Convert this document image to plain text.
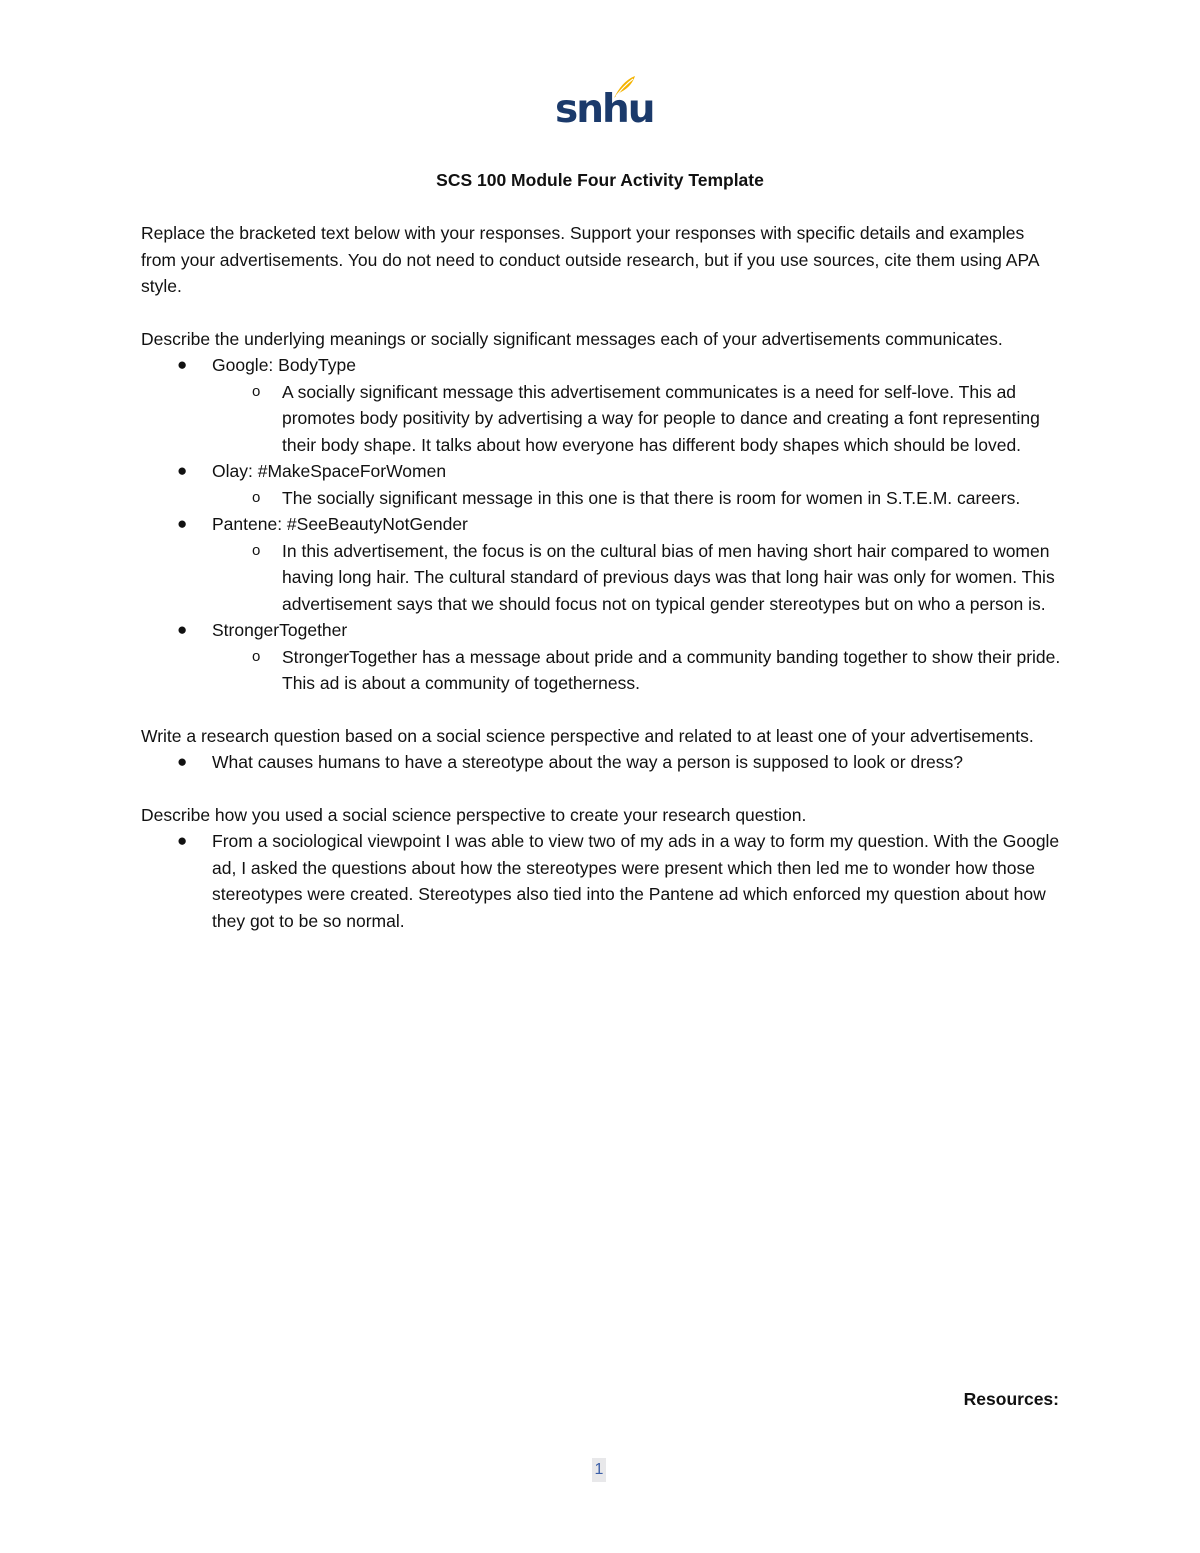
snhu
SCS 100 Module Four Activity Template

Replace the bracketed text below with your responses. Support your responses with specific details and examples from your advertisements. You do not need to conduct outside research, but if you use sources, cite them using APA style.

Describe the underlying meanings or socially significant messages each of your advertisements communicates.

● Google: BodyType
o A socially significant message this advertisement communicates is a need for self-love. This ad promotes body positivity by advertising a way for people to dance and creating a font representing their body shape. It talks about how everyone has different body shapes which should be loved.
● Olay: #MakeSpaceForWomen
o The socially significant message in this one is that there is room for women in S.T.E.M. careers.
● Pantene: #SeeBeautyNotGender
o In this advertisement, the focus is on the cultural bias of men having short hair compared to women having long hair. The cultural standard of previous days was that long hair was only for women. This advertisement says that we should focus not on typical gender stereotypes but on who a person is.
● StrongerTogether
o StrongerTogether has a message about pride and a community banding together to show their pride. This ad is about a community of togetherness.

Write a research question based on a social science perspective and related to at least one of your advertisements.

● What causes humans to have a stereotype about the way a person is supposed to look or dress?

Describe how you used a social science perspective to create your research question.

● From a sociological viewpoint I was able to view two of my ads in a way to form my question. With the Google ad, I asked the questions about how the stereotypes were present which then led me to wonder how those stereotypes were created. Stereotypes also tied into the Pantene ad which enforced my question about how they got to be so normal.
Resources:
1
